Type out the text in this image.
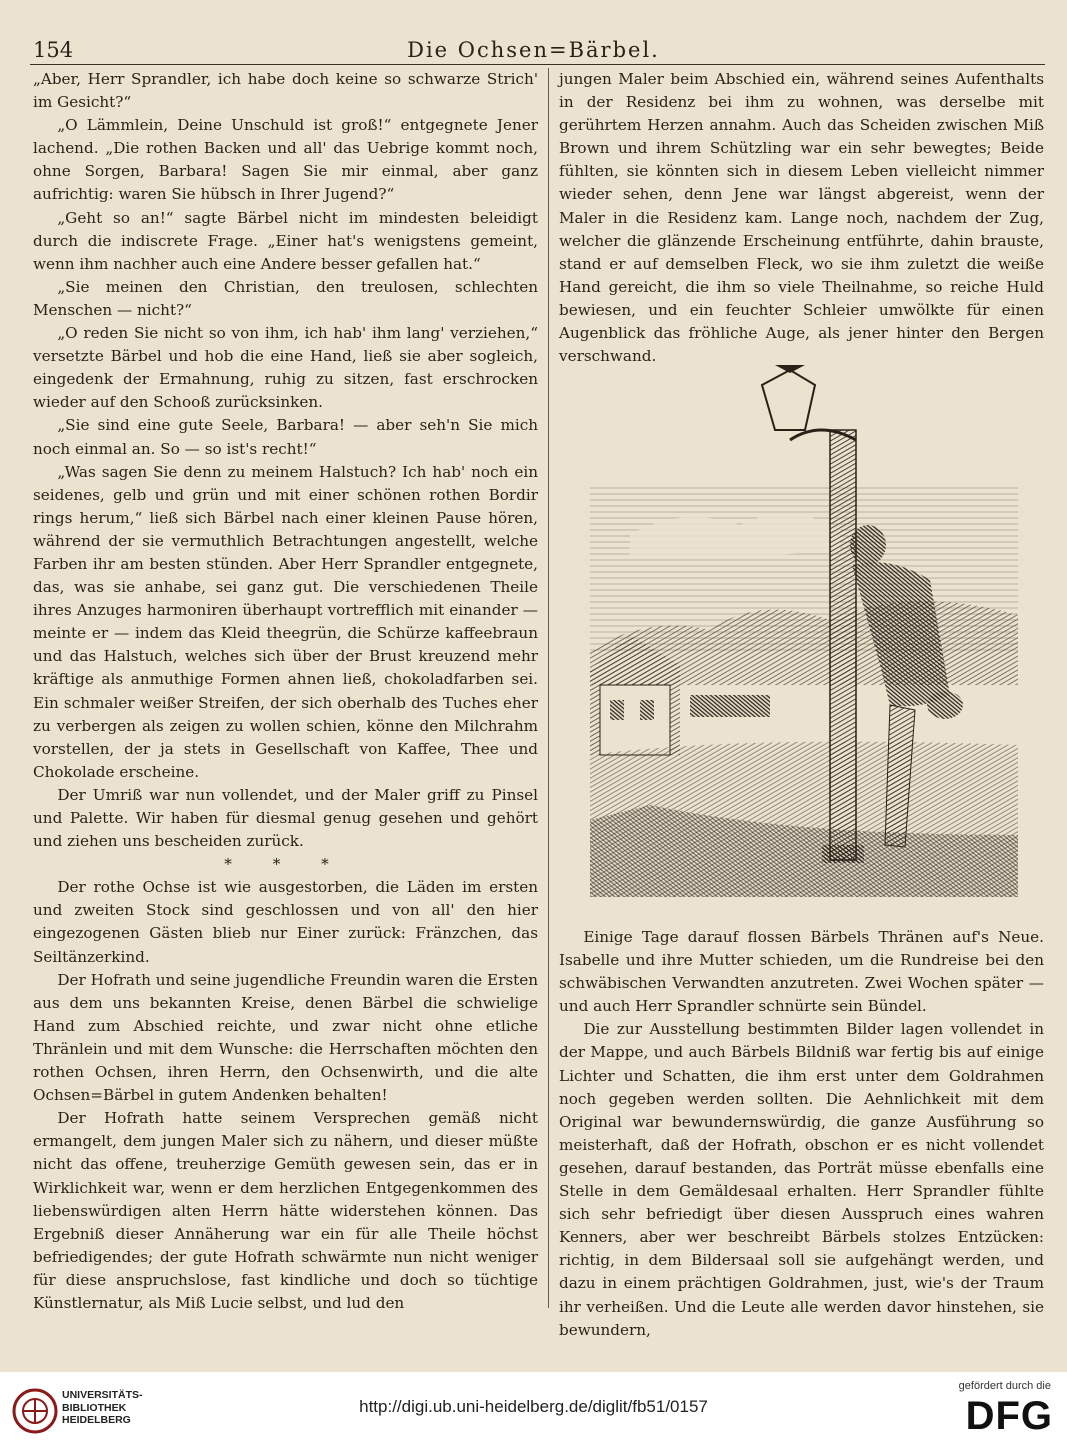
154	Die Ochsen=Bärbel.

„Aber, Herr Sprandler, ich habe doch keine so schwarze Strich' im Gesicht?“

„O Lämmlein, Deine Unschuld ist groß!“ entgegnete Jener lachend. „Die rothen Backen und all' das Uebrige kommt noch, ohne Sorgen, Barbara! Sagen Sie mir einmal, aber ganz aufrichtig: waren Sie hübsch in Ihrer Jugend?“

„Geht so an!“ sagte Bärbel nicht im mindesten beleidigt durch die indiscrete Frage. „Einer hat's wenigstens gemeint, wenn ihm nachher auch eine Andere besser gefallen hat.“

„Sie meinen den Christian, den treulosen, schlechten Menschen — nicht?“

„O reden Sie nicht so von ihm, ich hab' ihm lang' verziehen,“ versetzte Bärbel und hob die eine Hand, ließ sie aber sogleich, eingedenk der Ermahnung, ruhig zu sitzen, fast erschrocken wieder auf den Schooß zurücksinken.

„Sie sind eine gute Seele, Barbara! — aber seh'n Sie mich noch einmal an. So — so ist's recht!“

„Was sagen Sie denn zu meinem Halstuch? Ich hab' noch ein seidenes, gelb und grün und mit einer schönen rothen Bordir rings herum,“ ließ sich Bärbel nach einer kleinen Pause hören, während der sie vermuthlich Betrachtungen angestellt, welche Farben ihr am besten stünden. Aber Herr Sprandler entgegnete, das, was sie anhabe, sei ganz gut. Die verschiedenen Theile ihres Anzuges harmoniren überhaupt vortrefflich mit einander — meinte er — indem das Kleid theegrün, die Schürze kaffeebraun und das Halstuch, welches sich über der Brust kreuzend mehr kräftige als anmuthige Formen ahnen ließ, chokoladfarben sei. Ein schmaler weißer Streifen, der sich oberhalb des Tuches eher zu verbergen als zeigen zu wollen schien, könne den Milchrahm vorstellen, der ja stets in Gesellschaft von Kaffee, Thee und Chokolade erscheine.

Der Umriß war nun vollendet, und der Maler griff zu Pinsel und Palette. Wir haben für diesmal genug gesehen und gehört und ziehen uns bescheiden zurück.

* * *

Der rothe Ochse ist wie ausgestorben, die Läden im ersten und zweiten Stock sind geschlossen und von all' den hier eingezogenen Gästen blieb nur Einer zurück: Fränzchen, das Seiltänzerkind.

Der Hofrath und seine jugendliche Freundin waren die Ersten aus dem uns bekannten Kreise, denen Bärbel die schwielige Hand zum Abschied reichte, und zwar nicht ohne etliche Thränlein und mit dem Wunsche: die Herrschaften möchten den rothen Ochsen, ihren Herrn, den Ochsenwirth, und die alte Ochsen=Bärbel in gutem Andenken behalten!

Der Hofrath hatte seinem Versprechen gemäß nicht ermangelt, dem jungen Maler sich zu nähern, und dieser müßte nicht das offene, treuherzige Gemüth gewesen sein, das er in Wirklichkeit war, wenn er dem herzlichen Entgegenkommen des liebenswürdigen alten Herrn hätte widerstehen können. Das Ergebniß dieser Annäherung war ein für alle Theile höchst befriedigendes; der gute Hofrath schwärmte nun nicht weniger für diese anspruchslose, fast kindliche und doch so tüchtige Künstlernatur, als Miß Lucie selbst, und lud den

jungen Maler beim Abschied ein, während seines Aufenthalts in der Residenz bei ihm zu wohnen, was derselbe mit gerührtem Herzen annahm. Auch das Scheiden zwischen Miß Brown und ihrem Schützling war ein sehr bewegtes; Beide fühlten, sie könnten sich in diesem Leben vielleicht nimmer wieder sehen, denn Jene war längst abgereist, wenn der Maler in die Residenz kam. Lange noch, nachdem der Zug, welcher die glänzende Erscheinung entführte, dahin brauste, stand er auf demselben Fleck, wo sie ihm zuletzt die weiße Hand gereicht, die ihm so viele Theilnahme, so reiche Huld bewiesen, und ein feuchter Schleier umwölkte für einen Augenblick das fröhliche Auge, als jener hinter den Bergen verschwand.

Einige Tage darauf flossen Bärbels Thränen auf's Neue. Isabelle und ihre Mutter schieden, um die Rundreise bei den schwäbischen Verwandten anzutreten. Zwei Wochen später — und auch Herr Sprandler schnürte sein Bündel.

Die zur Ausstellung bestimmten Bilder lagen vollendet in der Mappe, und auch Bärbels Bildniß war fertig bis auf einige Lichter und Schatten, die ihm erst unter dem Goldrahmen noch gegeben werden sollten. Die Aehnlichkeit mit dem Original war bewundernswürdig, die ganze Ausführung so meisterhaft, daß der Hofrath, obschon er es nicht vollendet gesehen, darauf bestanden, das Porträt müsse ebenfalls eine Stelle in dem Gemäldesaal erhalten. Herr Sprandler fühlte sich sehr befriedigt über diesen Ausspruch eines wahren Kenners, aber wer beschreibt Bärbels stolzes Entzücken: richtig, in dem Bildersaal soll sie aufgehängt werden, und dazu in einem prächtigen Goldrahmen, just, wie's der Traum ihr verheißen. Und die Leute alle werden davor hinstehen, sie bewundern,

UNIVERSITÄTS-
BIBLIOTHEK
HEIDELBERG
http://digi.ub.uni-heidelberg.de/diglit/fb51/0157
gefördert durch die
DFG
